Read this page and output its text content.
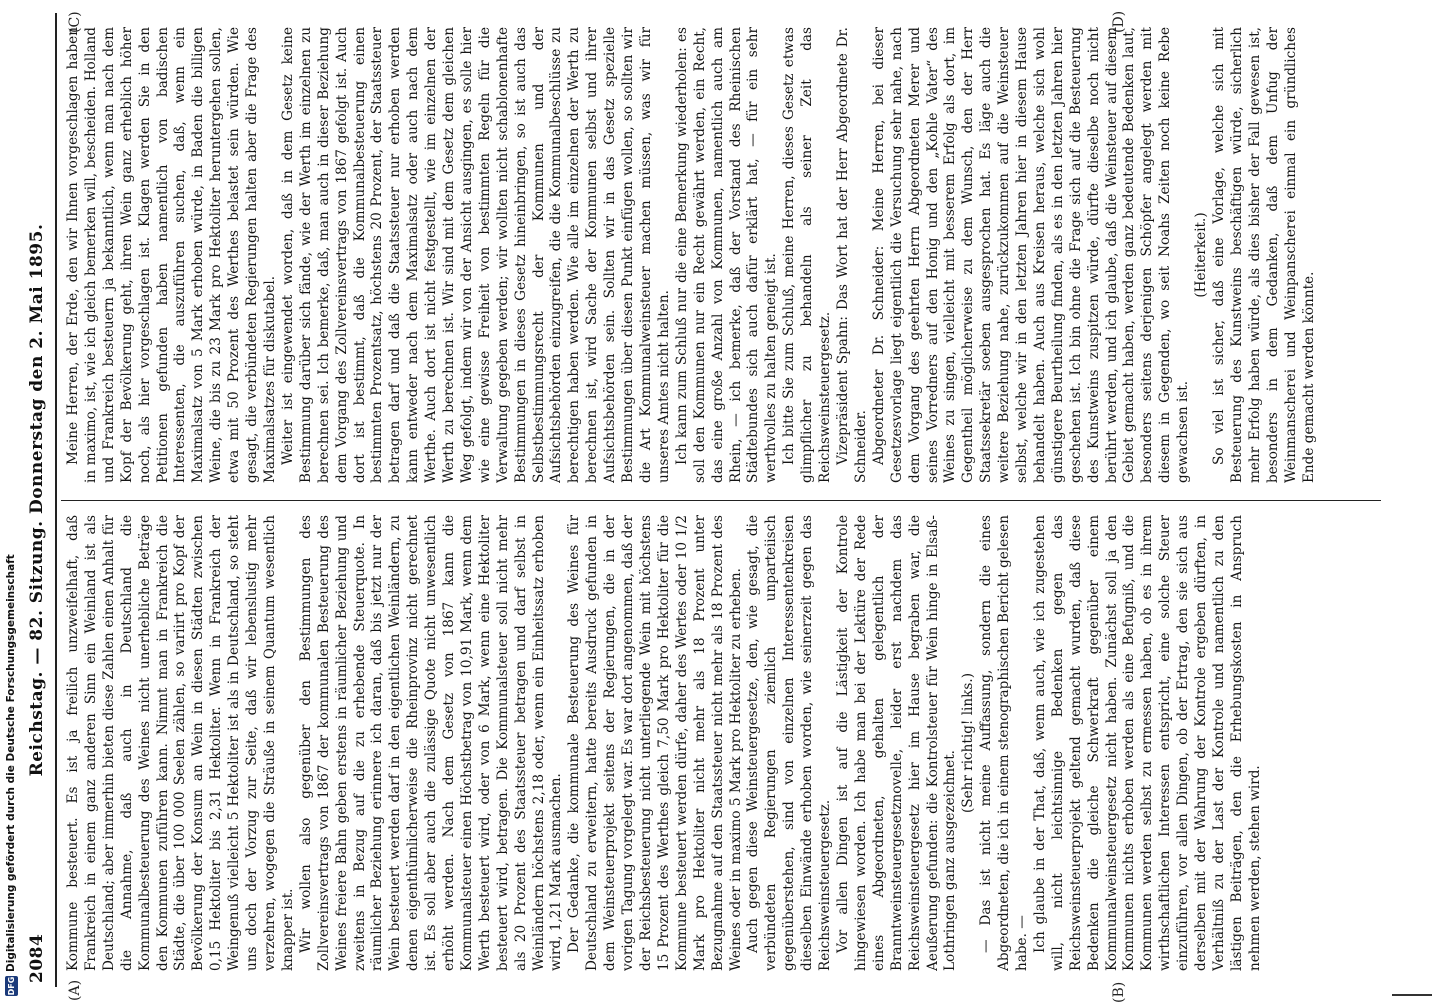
2084
Reichstag. — 82. Sitzung. Donnerstag den 2. Mai 1895.
(A)	(B)
(C)	(D)

Kommune besteuert. Es ist ja freilich unzweifelhaft, daß Frankreich in einem ganz anderen Sinn ein Weinland ist als Deutschland; aber immerhin bieten diese Zahlen einen Anhalt für die Annahme, daß auch in Deutschland die Kommunalbesteuerung des Weines nicht unerhebliche Beträge den Kommunen zuführen kann. Nimmt man in Frankreich die Städte, die über 100 000 Seelen zählen, so variirt pro Kopf der Bevölkerung der Konsum an Wein in diesen Städten zwischen 0,15 Hektoliter bis 2,31 Hektoliter. Wenn in Frankreich der Weingenuß vielleicht 5 Hektoliter ist als in Deutschland, so steht uns doch der Vorzug zur Seite, daß wir lebenslustig mehr verzehren, wogegen die Sträuße in seinem Quantum wesentlich knapper ist. Wir wollen also gegenüber den Bestimmungen des Zollvereinsvertrags von 1867 der kommunalen Besteuerung des Weines freiere Bahn geben erstens in räumlicher Beziehung und zweitens in Bezug auf die zu erhebende Steuerquote. In räumlicher Beziehung erinnere ich daran, daß bis jetzt nur der Wein besteuert werden darf in den eigentlichen Weinländern, zu denen eigenthümlicherweise die Rheinprovinz nicht gerechnet ist. Es soll aber auch die zulässige Quote nicht unwesentlich erhöht werden. Nach dem Gesetz von 1867 kann die Kommunalsteuer einen Höchstbetrag von 10,91 Mark, wenn dem Werth besteuert wird, oder von 6 Mark, wenn eine Hektoliter besteuert wird, betragen. Die Kommunalsteuer soll nicht mehr als 20 Prozent des Staatssteuer betragen und darf selbst in Weinländern höchstens 2,18 oder, wenn ein Einheitssatz erhoben wird, 1,21 Mark ausmachen. Der Gedanke, die kommunale Besteuerung des Weines für Deutschland zu erweitern, hatte bereits Ausdruck gefunden in dem Weinsteuerprojekt seitens der Regierungen, die in der vorigen Tagung vorgelegt war. Es war dort angenommen, daß der der Reichsbesteuerung nicht unterliegende Wein mit höchstens 15 Prozent des Werthes gleich 7,50 Mark pro Hektoliter für die Kommune besteuert werden dürfe, daher des Wertes oder 10 1/2 Mark pro Hektoliter nicht mehr als 18 Prozent unter Bezugnahme auf den Staatssteuer nicht mehr als 18 Prozent des Weines oder in maximo 5 Mark pro Hektoliter zu erheben. Auch gegen diese Weinsteuergesetze, den, wie gesagt, die verbündeten Regierungen ziemlich unparteiisch gegenüberstehen, sind von einzelnen Interessentenkreisen dieselben Einwände erhoben worden, wie seinerzeit gegen das Reichsweinsteuergesetz. Vor allen Dingen ist auf die Lästigkeit der Kontrole hingewiesen worden. Ich habe man bei der Lektüre der Rede eines Abgeordneten, gehalten gelegentlich der Branntweinsteuergesetznovelle, leider erst nachdem das Reichsweinsteuergesetz hier im Hause begraben war, die Aeußerung gefunden: die Kontrolsteuer für Wein hinge in Elsaß-Lothringen ganz ausgezeichnet.

(Sehr richtig! links.) — Das ist nicht meine Auffassung, sondern die eines Abgeordneten, die ich in einem stenographischen Bericht gelesen habe. — Ich glaube in der That, daß, wenn auch, wie ich zugestehen will, nicht leichtsinnige Bedenken gegen das Reichsweinsteuerprojekt geltend gemacht wurden, daß diese Bedenken die gleiche Schwerkraft gegenüber einem Kommunalweinsteuergesetz nicht haben. Zunächst soll ja den Kommunen nichts erhoben werden als eine Befugniß, und die Kommunen werden selbst zu ermessen haben, ob es in ihrem wirthschaftlichen Interessen entspricht, eine solche Steuer einzuführen, vor allen Dingen, ob der Ertrag, den sie sich aus derselben mit der Wahrung der Kontrole ergeben dürften, in Verhältniß zu der Last der Kontrole und namentlich zu den lästigen Beiträgen, den die Erhebungskosten in Anspruch nehmen werden, stehen wird.

Meine Herren, der Erde, den wir Ihnen vorgeschlagen haben in maximo, ist, wie ich gleich bemerken will, bescheiden. Holland und Frankreich besteuern ja bekanntlich, wenn man nach dem Kopf der Bevölkerung geht, ihren Wein ganz erheblich höher noch, als hier vorgeschlagen ist. Klagen werden Sie in den Petitionen gefunden haben namentlich von badischen Interessenten, die auszuführen suchen, daß, wenn ein Maximalsatz von 5 Mark erhoben würde, in Baden die billigen Weine, die bis zu 23 Mark pro Hektoliter heruntergehen sollen, etwa mit 50 Prozent des Werthes belastet sein würden. Wie gesagt, die verbündeten Regierungen halten aber die Frage des Maximalsatzes für diskutabel. Weiter ist eingewendet worden, daß in dem Gesetz keine Bestimmung darüber sich fände, wie der Werth im einzelnen zu berechnen sei. Ich bemerke, daß, man auch in dieser Beziehung dem Vorgang des Zollvereinsvertrags von 1867 gefolgt ist. Auch dort ist bestimmt, daß die Kommunalbesteuerung einen bestimmten Prozentsatz, höchstens 20 Prozent, der Staatssteuer betragen darf und daß die Staatssteuer nur erhoben werden kann entweder nach dem Maximalsatz oder auch nach dem Werthe. Auch dort ist nicht festgestellt, wie im einzelnen der Werth zu berechnen ist. Wir sind mit dem Gesetz dem gleichen Weg gefolgt, indem wir von der Ansicht ausgingen, es solle hier wie eine gewisse Freiheit von bestimmten Regeln für die Verwaltung gegeben werden; wir wollten nicht schablonenhafte Bestimmungen in dieses Gesetz hineinbringen, so ist auch das Selbstbestimmungsrecht der Kommunen und der Aufsichtsbehörden einzugreifen, die die Kommunalbeschlüsse zu berechtigen haben werden. Wie alle im einzelnen der Werth zu berechnen ist, wird Sache der Kommunen selbst und ihrer Aufsichtsbehörden sein. Sollten wir in das Gesetz spezielle Bestimmungen über diesen Punkt einfügen wollen, so sollten wir die Art Kommunalweinsteuer machen müssen, was wir für unseres Amtes nicht halten. Ich kann zum Schluß nur die eine Bemerkung wiederholen: es soll den Kommunen nur ein Recht gewährt werden, ein Recht, das eine große Anzahl von Kommunen, namentlich auch am Rhein, — ich bemerke, daß der Vorstand des Rheinischen Städtebundes sich auch dafür erklärt hat, — für ein sehr werthvolles zu halten geneigt ist. Ich bitte Sie zum Schluß, meine Herren, dieses Gesetz etwas glimpflicher zu behandeln als seiner Zeit das Reichsweinsteuergesetz. Vizepräsident Spahn: Das Wort hat der Herr Abgeordnete Dr. Schneider. Abgeordneter Dr. Schneider: Meine Herren, bei dieser Gesetzesvorlage liegt eigentlich die Versuchung sehr nahe, nach dem Vorgang des geehrten Herrn Abgeordneten Merer und seines Vorredners auf den Honig und den „Kohle Vater“ des Weines zu singen, vielleicht mit besserem Erfolg als dort, im Gegentheil möglicherweise zu dem Wunsch, den der Herr Staatssekretär soeben ausgesprochen hat. Es läge auch die weitere Beziehung nahe, zurückzukommen auf die Weinsteuer selbst, welche wir in den letzten Jahren hier in diesem Hause behandelt haben. Auch aus Kreisen heraus, welche sich wohl günstigere Beurtheilung finden, als es in den letzten Jahren hier geschehen ist. Ich bin ohne die Frage sich auf die Besteuerung des Kunstweins zuspitzen würde, dürfte dieselbe noch nicht berührt werden, und ich glaube, daß die Weinsteuer auf diesem Gebiet gemacht haben, werden ganz bedeutende Bedenken laut, besonders seitens derjenigen Schöpfer angelegt werden mit diesem in Gegenden, wo seit Noahs Zeiten noch keine Rebe gewachsen ist.

(Heiterkeit.) So viel ist sicher, daß eine Vorlage, welche sich mit Besteuerung des Kunstweins beschäftigen würde, sicherlich mehr Erfolg haben würde, als dies bisher der Fall gewesen ist, besonders in dem Gedanken, daß dem Unfug der Weinmanscherei und Weinpanscherei einmal ein gründliches Ende gemacht werden könnte.

DFG
Digitalisierung gefördert durch die Deutsche Forschungsgemeinschaft
